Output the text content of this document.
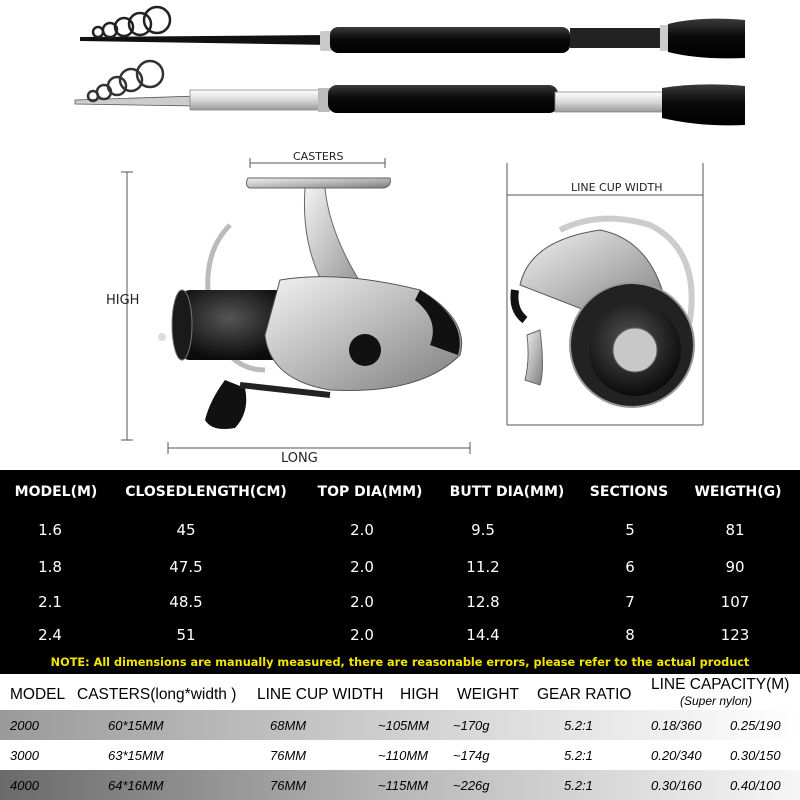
CASTERS
LINE CUP WIDTH
HIGH
LONG
MODEL(M)	CLOSEDLENGTH(CM)	TOP DIA(MM)	BUTT DIA(MM)	SECTIONS	WEIGTH(G)
1.6	45	2.0	9.5	5	81
1.8	47.5	2.0	11.2	6	90
2.1	48.5	2.0	12.8	7	107
2.4	51	2.0	14.4	8	123
NOTE: All dimensions are manually measured, there are reasonable errors, please refer to the actual product
MODEL CASTERS(long*width ) LINE CUP WIDTH HIGH WEIGHT GEAR RATIO
LINE CAPACITY(M)
(Super nylon)
2000	60*15MM	68MM	~105MM ~170g	5.2:1	0.18/360 0.25/190
3000	63*15MM	76MM	~110MM ~174g	5.2:1	0.20/340 0.30/150
4000	64*16MM	76MM	~115MM ~226g	5.2:1	0.30/160 0.40/100
